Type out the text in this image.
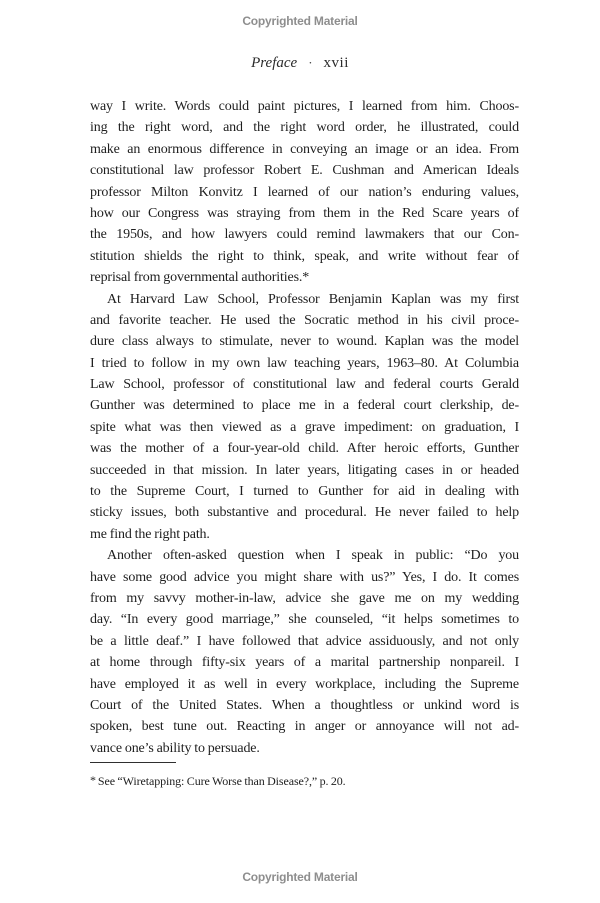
Copyrighted Material
Preface · xvii
way I write. Words could paint pictures, I learned from him. Choos-
ing the right word, and the right word order, he illustrated, could
make an enormous difference in conveying an image or an idea. From
constitutional law professor Robert E. Cushman and American Ideals
professor Milton Konvitz I learned of our nation’s enduring values,
how our Congress was straying from them in the Red Scare years of
the 1950s, and how lawyers could remind lawmakers that our Con-
stitution shields the right to think, speak, and write without fear of
reprisal from governmental authorities.*
At Harvard Law School, Professor Benjamin Kaplan was my first
and favorite teacher. He used the Socratic method in his civil proce-
dure class always to stimulate, never to wound. Kaplan was the model
I tried to follow in my own law teaching years, 1963–80. At Columbia
Law School, professor of constitutional law and federal courts Gerald
Gunther was determined to place me in a federal court clerkship, de-
spite what was then viewed as a grave impediment: on graduation, I
was the mother of a four-year-old child. After heroic efforts, Gunther
succeeded in that mission. In later years, litigating cases in or headed
to the Supreme Court, I turned to Gunther for aid in dealing with
sticky issues, both substantive and procedural. He never failed to help
me find the right path.
Another often-asked question when I speak in public: “Do you
have some good advice you might share with us?” Yes, I do. It comes
from my savvy mother-in-law, advice she gave me on my wedding
day. “In every good marriage,” she counseled, “it helps sometimes to
be a little deaf.” I have followed that advice assiduously, and not only
at home through fifty-six years of a marital partnership nonpareil. I
have employed it as well in every workplace, including the Supreme
Court of the United States. When a thoughtless or unkind word is
spoken, best tune out. Reacting in anger or annoyance will not ad-
vance one’s ability to persuade.
* See “Wiretapping: Cure Worse than Disease?,” p. 20.
Copyrighted Material
